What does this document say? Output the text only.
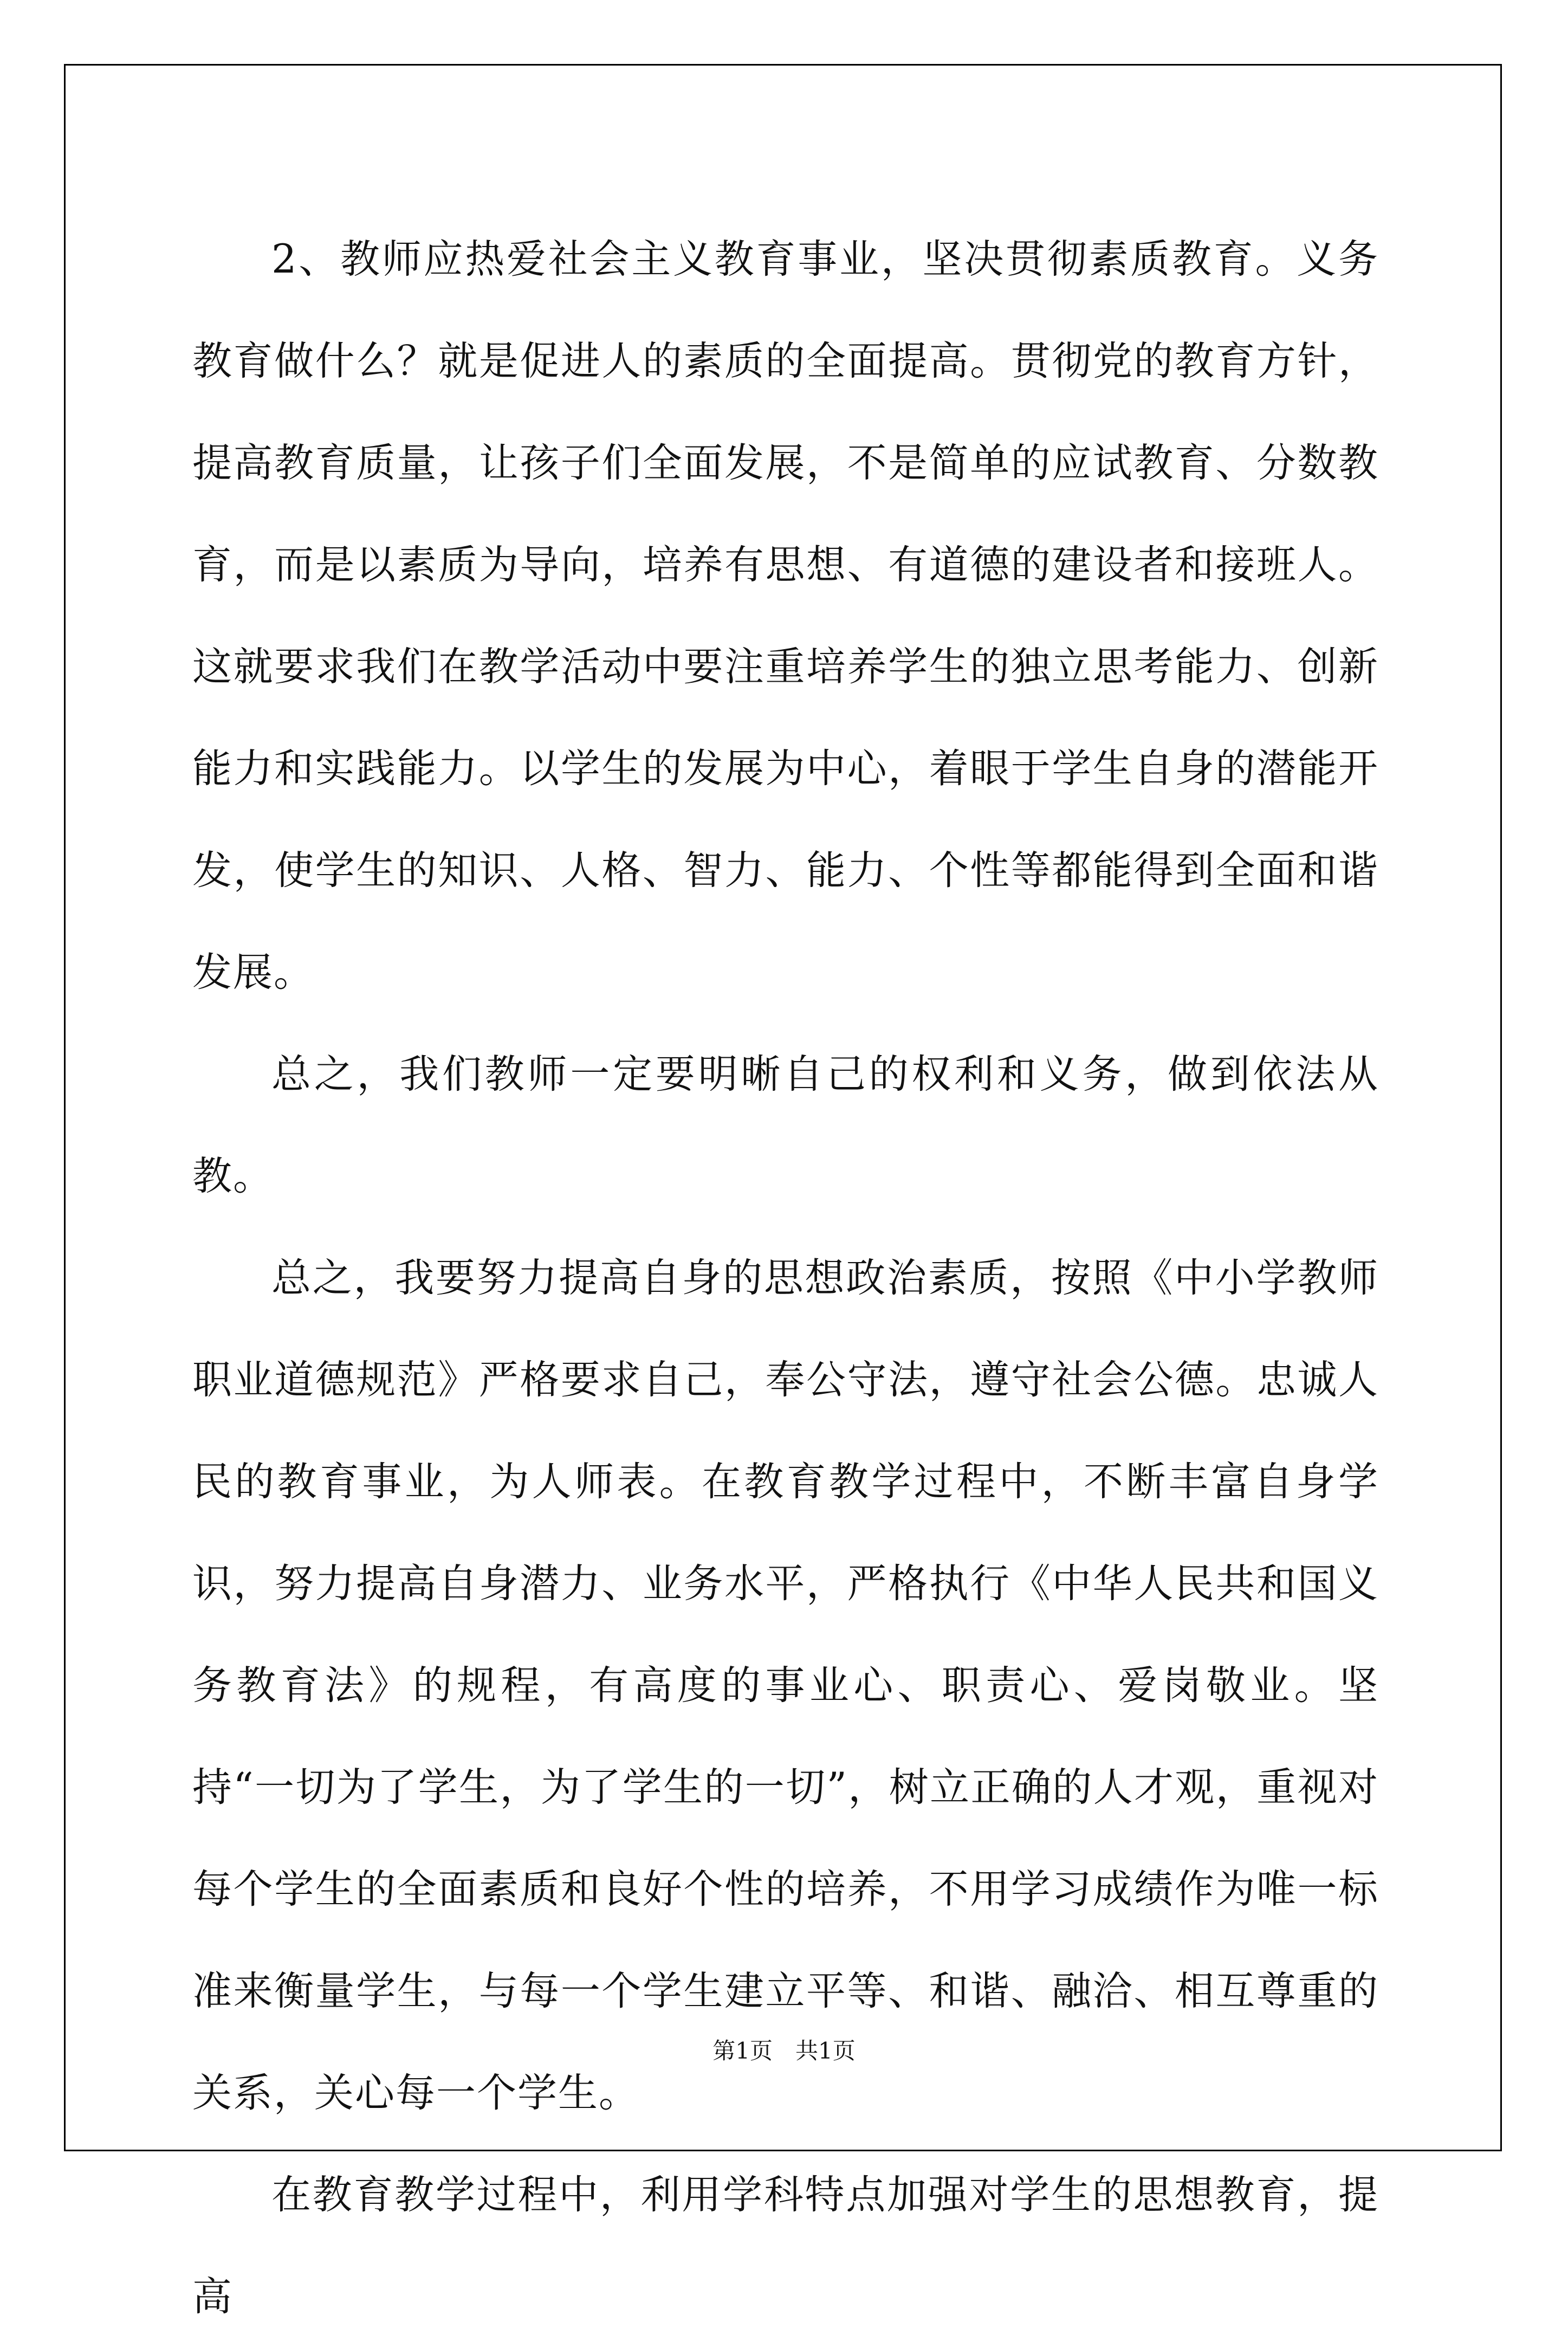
2、教师应热爱社会主义教育事业，坚决贯彻素质教育。义务教育做什么？就是促进人的素质的全面提高。贯彻党的教育方针，提高教育质量，让孩子们全面发展，不是简单的应试教育、分数教育，而是以素质为导向，培养有思想、有道德的建设者和接班人。这就要求我们在教学活动中要注重培养学生的独立思考能力、创新能力和实践能力。以学生的发展为中心，着眼于学生自身的潜能开发，使学生的知识、人格、智力、能力、个性等都能得到全面和谐发展。

总之，我们教师一定要明晰自己的权利和义务，做到依法从教。

总之，我要努力提高自身的思想政治素质，按照《中小学教师职业道德规范》严格要求自己，奉公守法，遵守社会公德。忠诚人民的教育事业，为人师表。在教育教学过程中，不断丰富自身学识，努力提高自身潜力、业务水平，严格执行《中华人民共和国义务教育法》的规程，有高度的事业心、职责心、爱岗敬业。坚持“一切为了学生，为了学生的一切”，树立正确的人才观，重视对每个学生的全面素质和良好个性的培养，不用学习成绩作为唯一标准来衡量学生，与每一个学生建立平等、和谐、融洽、相互尊重的关系，关心每一个学生。

在教育教学过程中，利用学科特点加强对学生的思想教育，提高

第1页　共1页
